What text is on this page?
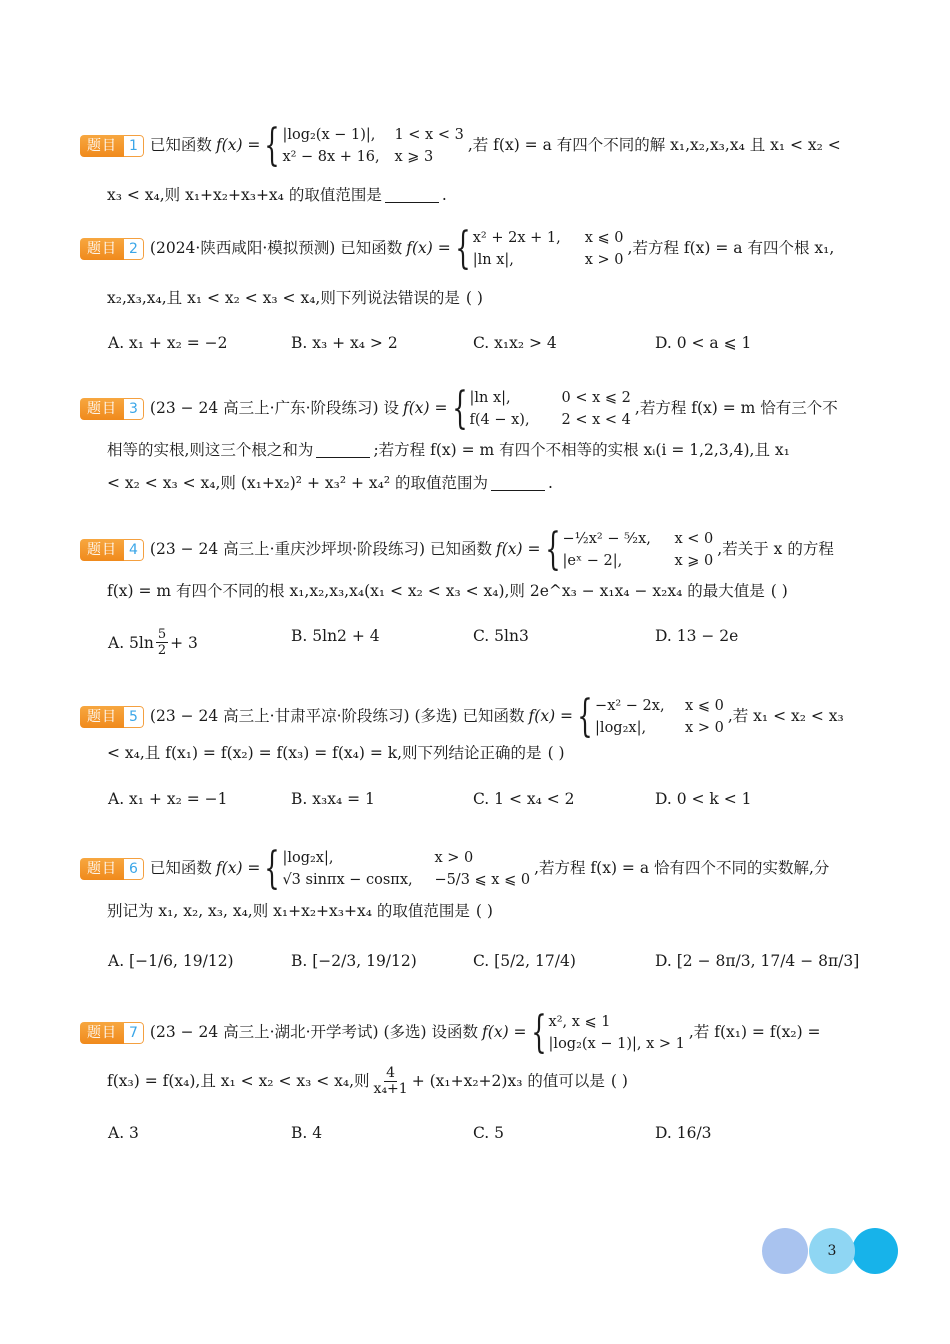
题目 1 已知函数 f(x) = { |log₂(x − 1)|,	1 < x < 3
x² − 8x + 16, x ⩾ 3
,若 f(x) = a 有四个不同的解 x₁,x₂,x₃,x₄ 且 x₁ < x₂ <
x₃ < x₄,则 x₁+x₂+x₃+x₄ 的取值范围是	.
题目 2 (2024·陕西咸阳·模拟预测) 已知函数 f(x) = { x² + 2x + 1,	x ⩽ 0
|ln x|,	x > 0
,若方程 f(x) = a 有四个根 x₁,
x₂,x₃,x₄,且 x₁ < x₂ < x₃ < x₄,则下列说法错误的是 ( )
A. x₁ + x₂ = −2	B. x₃ + x₄ > 2	C. x₁x₂ > 4	D. 0 < a ⩽ 1
题目 3 (23 − 24 高三上·广东·阶段练习) 设 f(x) = { |ln x|,	0 < x ⩽ 2
f(4 − x),	2 < x < 4
,若方程 f(x) = m 恰有三个不
相等的实根,则这三个根之和为	;若方程 f(x) = m 有四个不相等的实根 xᵢ(i = 1,2,3,4),且 x₁
< x₂ < x₃ < x₄,则 (x₁+x₂)² + x₃² + x₄² 的取值范围为	.
题目 4 (23 − 24 高三上·重庆沙坪坝·阶段练习) 已知函数 f(x) = { −½x² − ⁵⁄₂x,	x < 0
|eˣ − 2|,	x ⩾ 0
,若关于 x 的方程
f(x) = m 有四个不同的根 x₁,x₂,x₃,x₄(x₁ < x₂ < x₃ < x₄),则 2e^x₃ − x₁x₄ − x₂x₄ 的最大值是 ( )
A. $5\ln \frac{5}{2} + 3$	B. 5ln2 + 4	C. 5ln3	D. 13 − 2e
题目 5 (23 − 24 高三上·甘肃平凉·阶段练习) (多选) 已知函数 f(x) = { −x² − 2x,	x ⩽ 0
|log₂x|,	x > 0
,若 x₁ < x₂ < x₃
< x₄,且 f(x₁) = f(x₂) = f(x₃) = f(x₄) = k,则下列结论正确的是 ( )
A. x₁ + x₂ = −1	B. x₃x₄ = 1	C. 1 < x₄ < 2	D. 0 < k < 1
题目 6 已知函数 f(x) = { |log₂x|,	x > 0
√3 sinπx − cosπx,	−5/3 ⩽ x ⩽ 0
,若方程 f(x) = a 恰有四个不同的实数解,分
别记为 x₁, x₂, x₃, x₄,则 x₁+x₂+x₃+x₄ 的取值范围是 ( )
A. [−1/6, 19/12)	B. [−2/3, 19/12)	C. [5/2, 17/4)	D. [2 − 8π/3, 17/4 − 8π/3]
题目 7 (23 − 24 高三上·湖北·开学考试) (多选) 设函数 f(x) = { x², x ⩽ 1
|log₂(x − 1)|, x > 1
,若 f(x₁) = f(x₂) =
f(x₃) = f(x₄),且 x₁ < x₂ < x₃ < x₄,则 $\frac{4}{\text{x₄+1}} + (x_1+x_2+2)x_3$ 的值可以是 ( )
A. 3	B. 4	C. 5	D. 16/3
3
